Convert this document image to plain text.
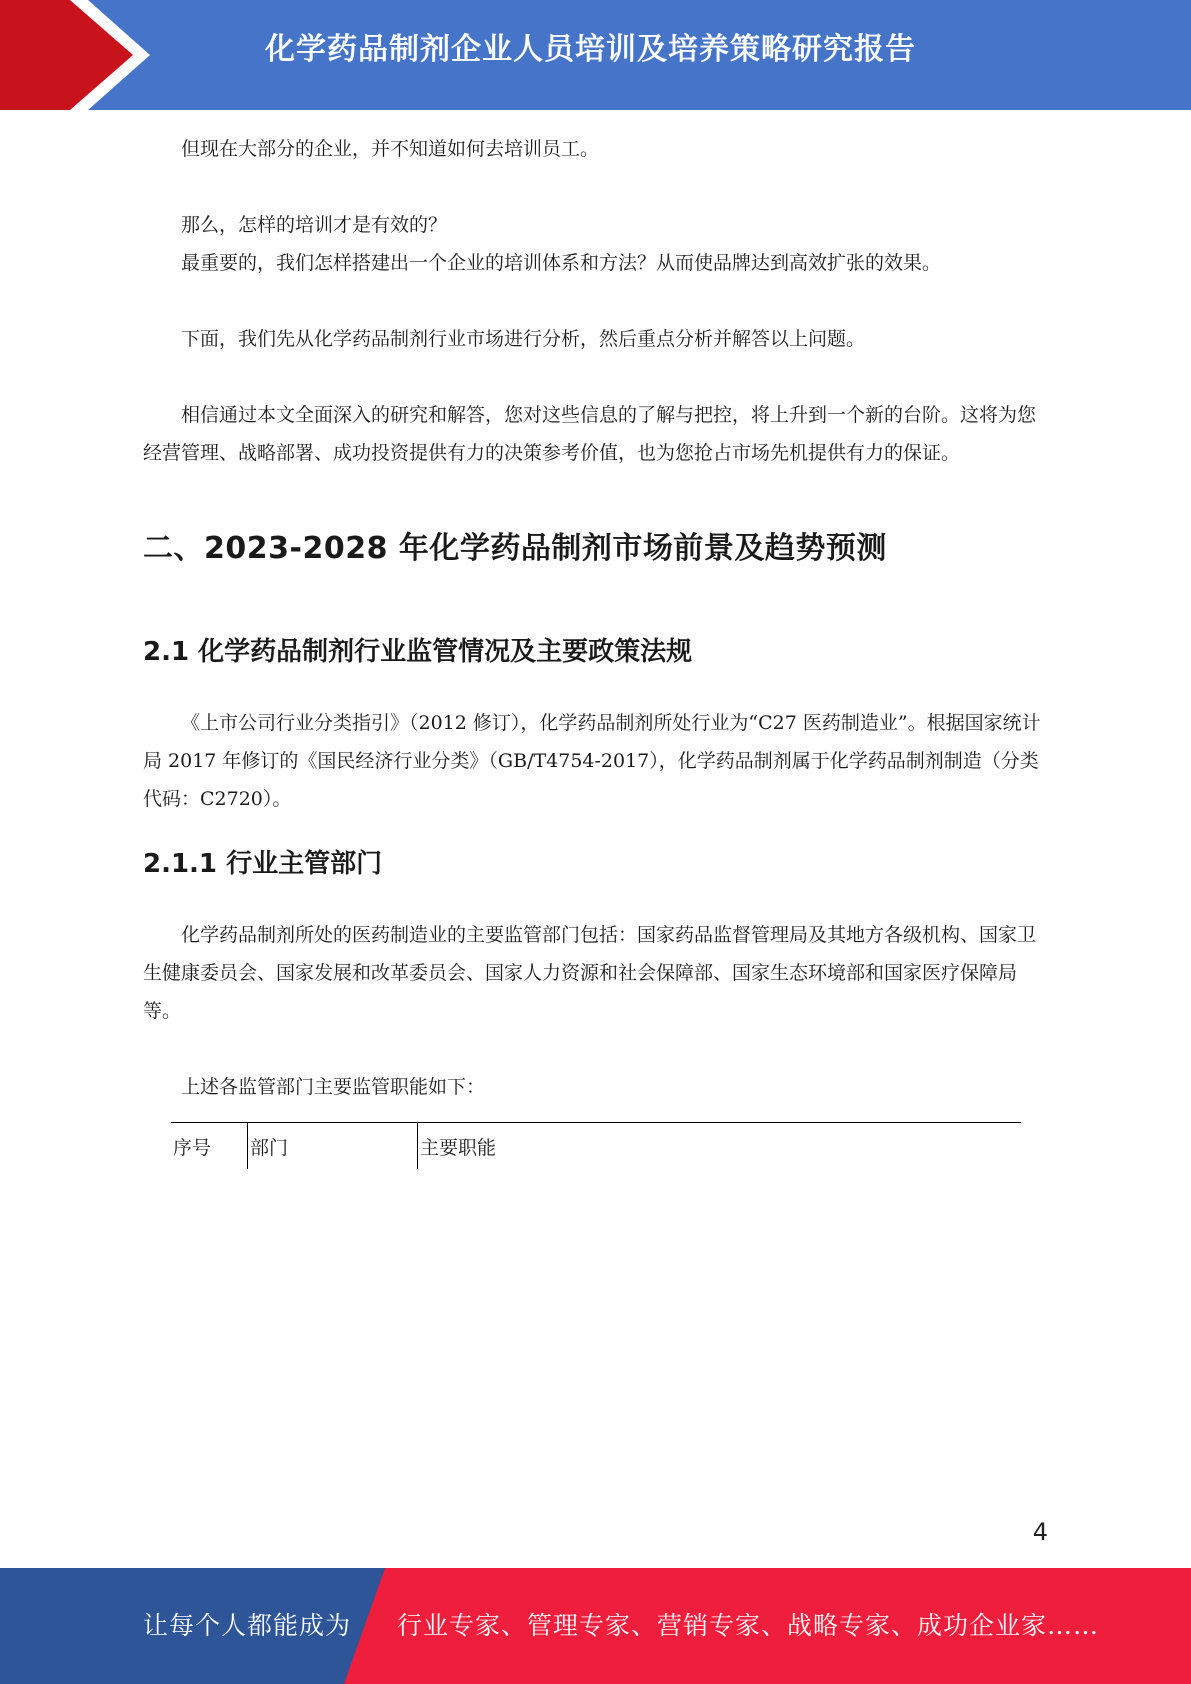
化学药品制剂企业人员培训及培养策略研究报告

但现在大部分的企业，并不知道如何去培训员工。

那么，怎样的培训才是有效的？

最重要的，我们怎样搭建出一个企业的培训体系和方法？从而使品牌达到高效扩张的效果。

下面，我们先从化学药品制剂行业市场进行分析，然后重点分析并解答以上问题。

相信通过本文全面深入的研究和解答，您对这些信息的了解与把控，将上升到一个新的台阶。这将为您经营管理、战略部署、成功投资提供有力的决策参考价值，也为您抢占市场先机提供有力的保证。

二、2023-2028 年化学药品制剂市场前景及趋势预测
2.1 化学药品制剂行业监管情况及主要政策法规

《上市公司行业分类指引》（2012 修订），化学药品制剂所处行业为“C27 医药制造业”。根据国家统计局 2017 年修订的《国民经济行业分类》（GB/T4754-2017），化学药品制剂属于化学药品制剂制造（分类代码：C2720）。

2.1.1 行业主管部门

化学药品制剂所处的医药制造业的主要监管部门包括：国家药品监督管理局及其地方各级机构、国家卫生健康委员会、国家发展和改革委员会、国家人力资源和社会保障部、国家生态环境部和国家医疗保障局等。

上述各监管部门主要监管职能如下：

序号	部门	主要职能
4
让每个人都能成为 行业专家、管理专家、营销专家、战略专家、成功企业家……
